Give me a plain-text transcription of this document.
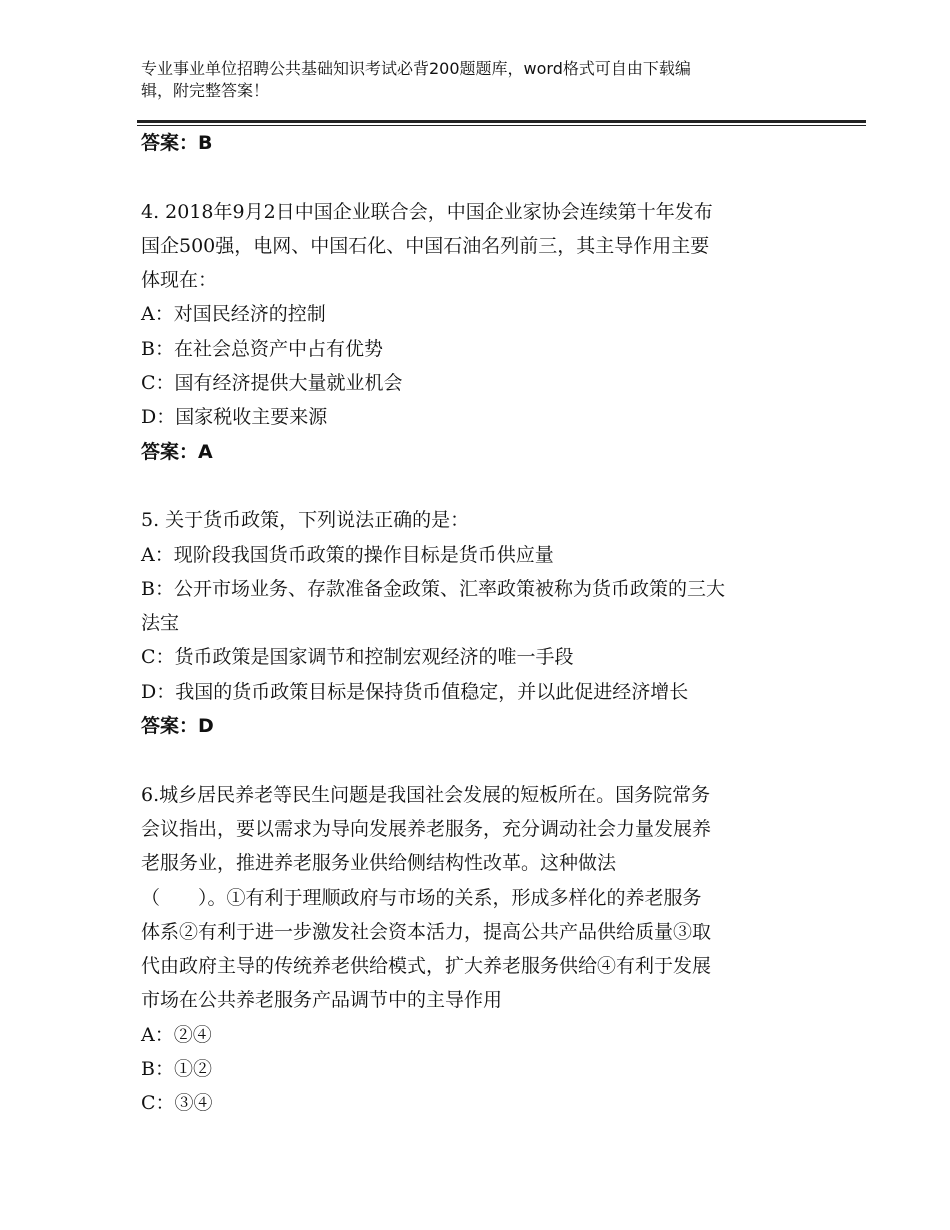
专业事业单位招聘公共基础知识考试必背200题题库，word格式可自由下载编
辑，附完整答案！
答案：B
4. 2018年9月2日中国企业联合会，中国企业家协会连续第十年发布
国企500强，电网、中国石化、中国石油名列前三，其主导作用主要
体现在：
A：对国民经济的控制
B：在社会总资产中占有优势
C：国有经济提供大量就业机会
D：国家税收主要来源
答案：A
5. 关于货币政策，下列说法正确的是：
A：现阶段我国货币政策的操作目标是货币供应量
B：公开市场业务、存款准备金政策、汇率政策被称为货币政策的三大
法宝
C：货币政策是国家调节和控制宏观经济的唯一手段
D：我国的货币政策目标是保持货币值稳定，并以此促进经济增长
答案：D
6.城乡居民养老等民生问题是我国社会发展的短板所在。国务院常务
会议指出，要以需求为导向发展养老服务，充分调动社会力量发展养
老服务业，推进养老服务业供给侧结构性改革。这种做法
（　　）。①有利于理顺政府与市场的关系，形成多样化的养老服务
体系②有利于进一步激发社会资本活力，提高公共产品供给质量③取
代由政府主导的传统养老供给模式，扩大养老服务供给④有利于发展
市场在公共养老服务产品调节中的主导作用
A：②④
B：①②
C：③④
